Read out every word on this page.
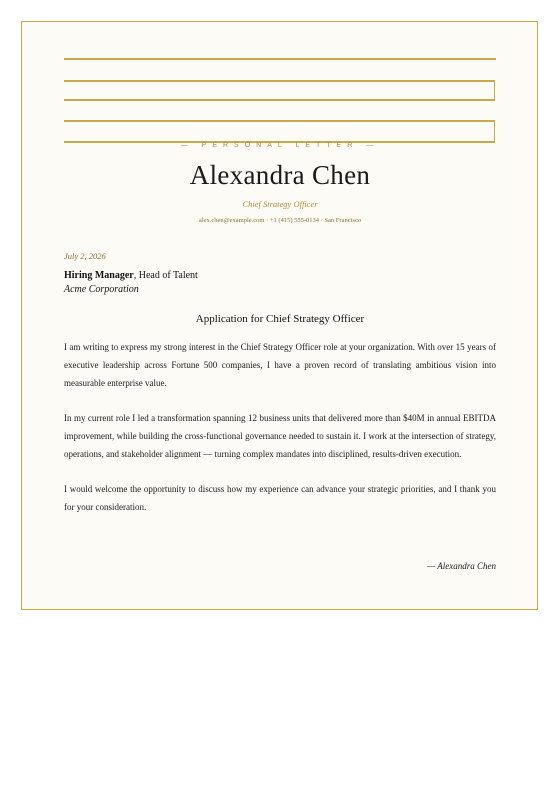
— PERSONAL LETTER —
Alexandra Chen
Chief Strategy Officer
alex.chen@example.com · +1 (415) 555-0134 · San Francisco
July 2, 2026
Hiring Manager, Head of Talent
Acme Corporation
Application for Chief Strategy Officer

I am writing to express my strong interest in the Chief Strategy Officer role at your organization. With over 15 years of executive leadership across Fortune 500 companies, I have a proven record of translating ambitious vision into measurable enterprise value.

In my current role I led a transformation spanning 12 business units that delivered more than $40M in annual EBITDA improvement, while building the cross-functional governance needed to sustain it. I work at the intersection of strategy, operations, and stakeholder alignment — turning complex mandates into disciplined, results-driven execution.

I would welcome the opportunity to discuss how my experience can advance your strategic priorities, and I thank you for your consideration.

— Alexandra Chen
